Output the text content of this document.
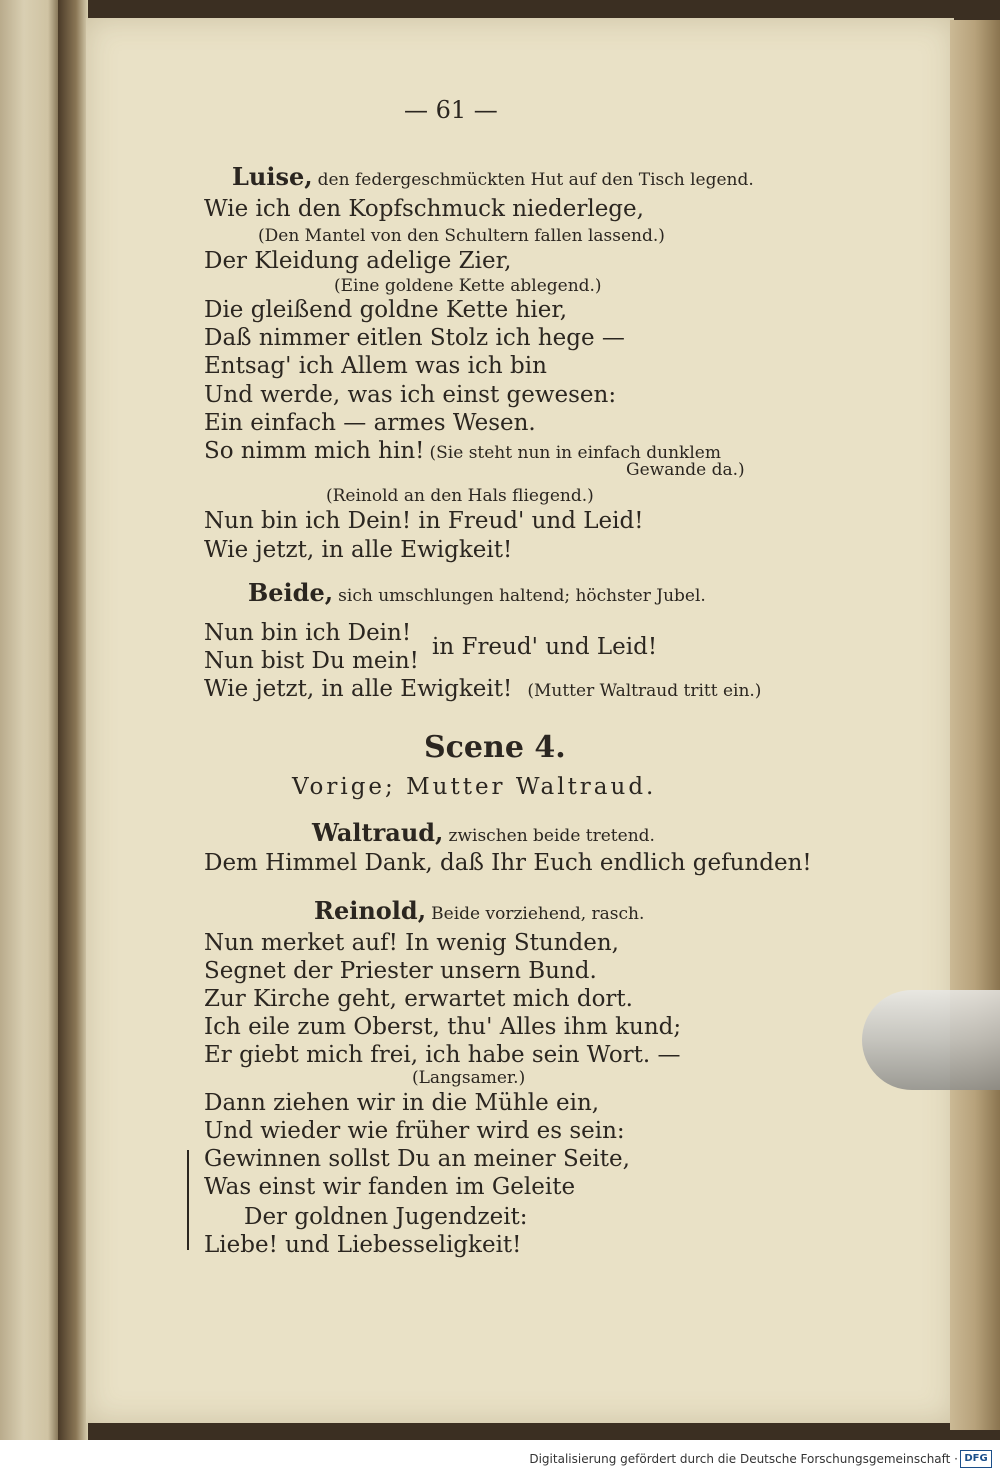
— 61 —
Luise, den federgeschmückten Hut auf den Tisch legend.
Wie ich den Kopfschmuck niederlege,
(Den Mantel von den Schultern fallen lassend.)
Der Kleidung adelige Zier,
(Eine goldene Kette ablegend.)
Die gleißend goldne Kette hier,
Daß nimmer eitlen Stolz ich hege —
Entsag' ich Allem was ich bin
Und werde, was ich einst gewesen:
Ein einfach — armes Wesen.
So nimm mich hin! (Sie steht nun in einfach dunklem
Gewande da.)
(Reinold an den Hals fliegend.)
Nun bin ich Dein! in Freud' und Leid!
Wie jetzt, in alle Ewigkeit!
Beide, sich umschlungen haltend; höchster Jubel.
Nun bin ich Dein!
Nun bist Du mein!
in Freud' und Leid!
Wie jetzt, in alle Ewigkeit! (Mutter Waltraud tritt ein.)
Scene 4.
Vorige; Mutter Waltraud.
Waltraud, zwischen beide tretend.
Dem Himmel Dank, daß Ihr Euch endlich gefunden!
Reinold, Beide vorziehend, rasch.
Nun merket auf! In wenig Stunden,
Segnet der Priester unsern Bund.
Zur Kirche geht, erwartet mich dort.
Ich eile zum Oberst, thu' Alles ihm kund;
Er giebt mich frei, ich habe sein Wort. —
(Langsamer.)
Dann ziehen wir in die Mühle ein,
Und wieder wie früher wird es sein:
Gewinnen sollst Du an meiner Seite,
Was einst wir fanden im Geleite
Der goldnen Jugendzeit:
Liebe! und Liebesseligkeit!
Digitalisierung gefördert durch die Deutsche Forschungsgemeinschaft · DFG
